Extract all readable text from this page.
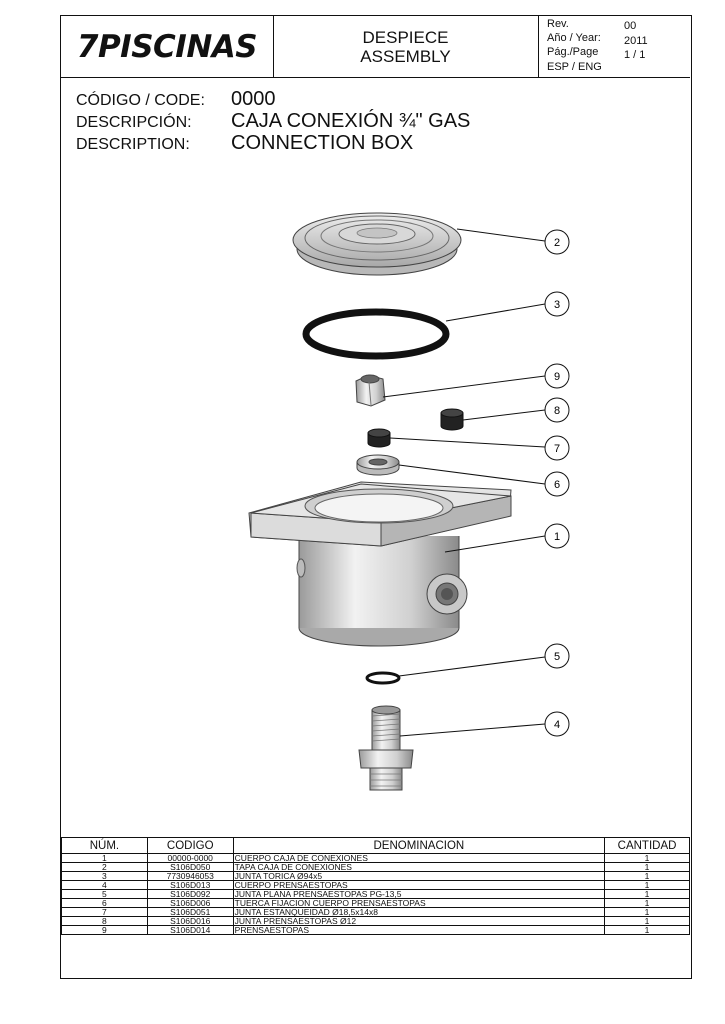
7PISCINAS	DESPIECE
ASSEMBLY
Rev.	00
Año / Year: 2011
Pág./Page 1 / 1
ESP / ENG
CÓDIGO / CODE: 0000
DESCRIPCIÓN: CAJA CONEXIÓN ¾" GAS
DESCRIPTION: CONNECTION BOX
2
3
9
8
7
6
1
5
4
NÚM.	CODIGO	DENOMINACION	CANTIDAD
1	00000-0000	CUERPO CAJA DE CONEXIONES	1
2	S106D050	TAPA CAJA DE CONEXIONES	1
3	7730946053	JUNTA TORICA Ø94x5	1
4	S106D013	CUERPO PRENSAESTOPAS	1
5	S106D092	JUNTA PLANA PRENSAESTOPAS PG-13,5	1
6	S106D006	TUERCA FIJACION CUERPO PRENSAESTOPAS	1
7	S106D051	JUNTA ESTANQUEIDAD Ø18,5x14x8	1
8	S106D016	JUNTA PRENSAESTOPAS Ø12	1
9	S106D014	PRENSAESTOPAS	1
